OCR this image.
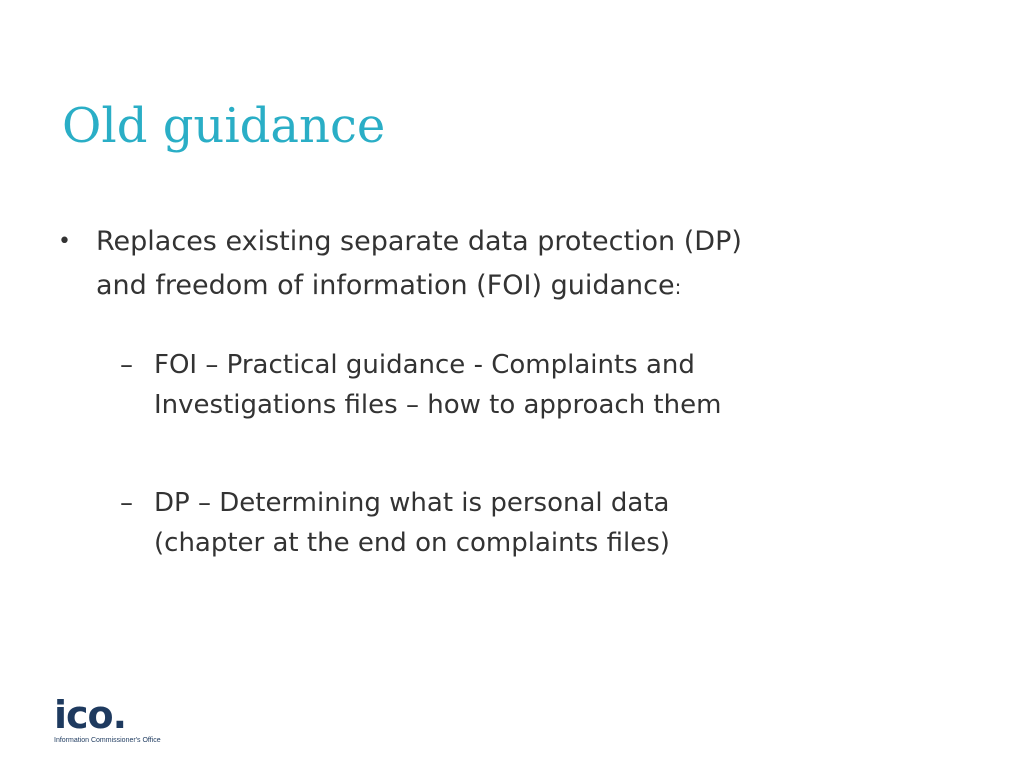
Old guidance
• Replaces existing separate data protection (DP)
and freedom of information (FOI) guidance:
– FOI – Practical guidance - Complaints and
Investigations files – how to approach them
– DP – Determining what is personal data
(chapter at the end on complaints files)
ico.
Information Commissioner's Office
